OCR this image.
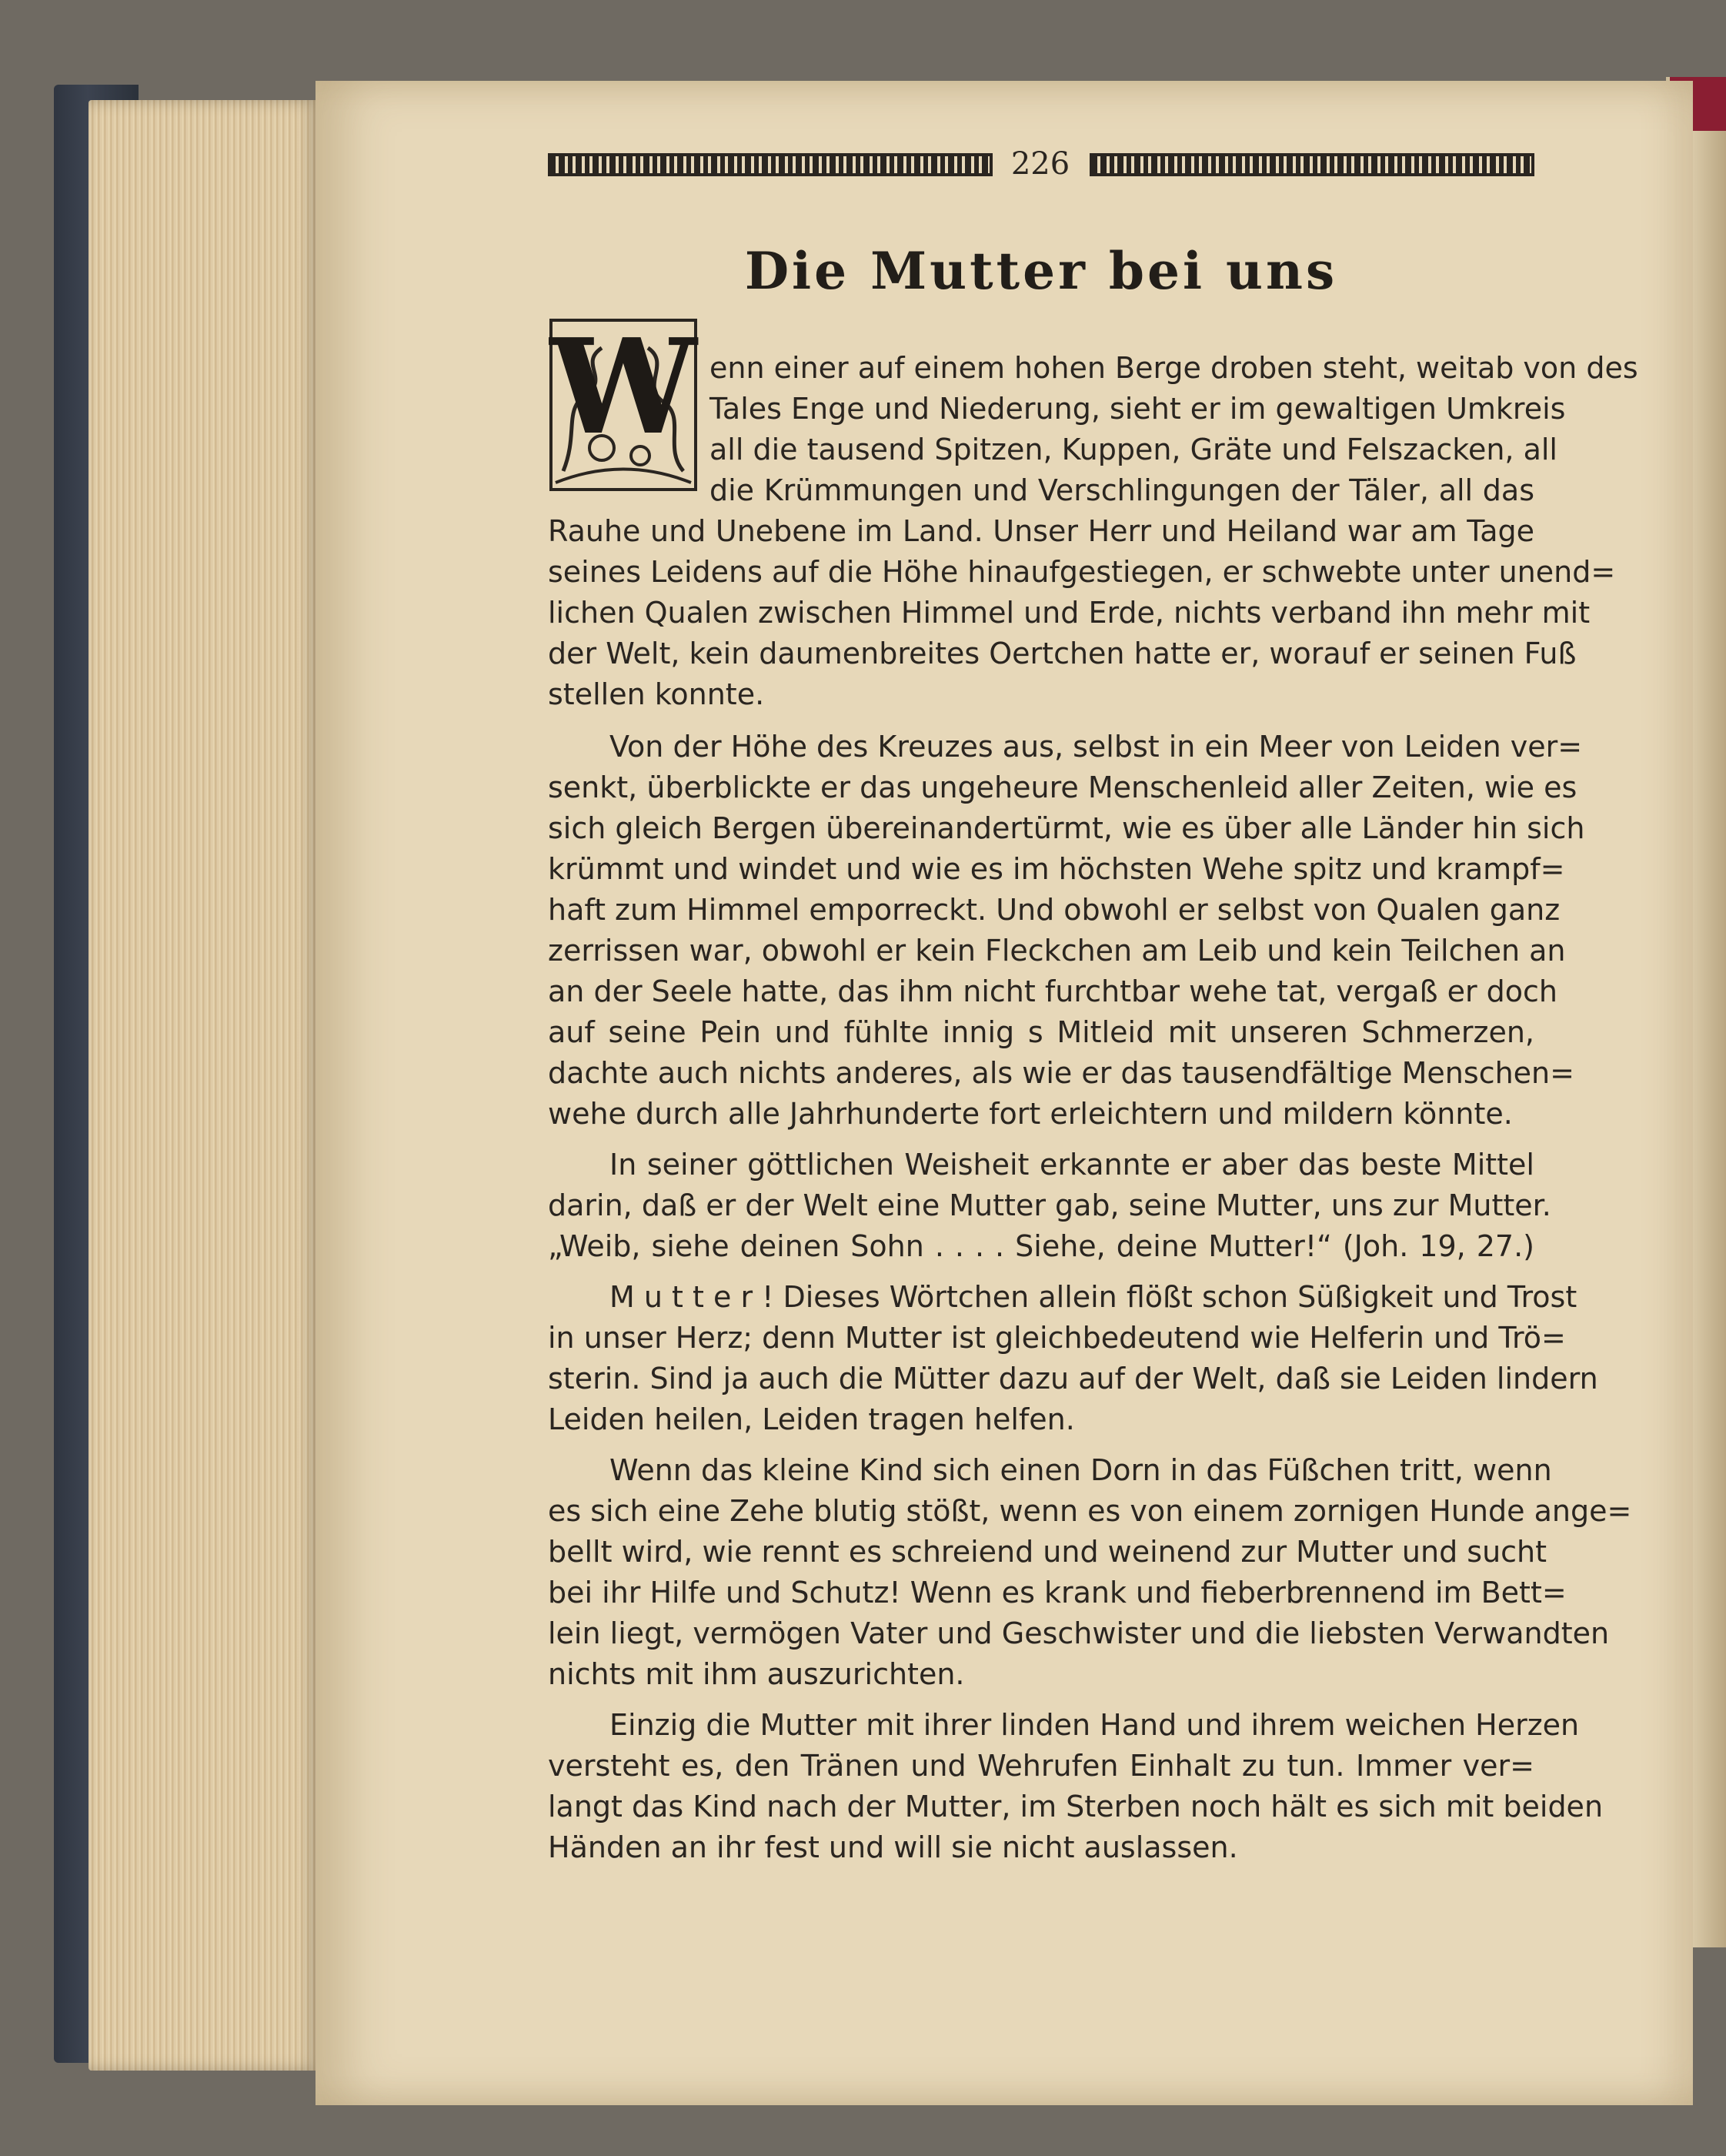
226
Die Mutter bei uns
W enn einer auf einem hohen Berge droben steht, weitab von des
Tales Enge und Niederung, sieht er im gewaltigen Umkreis
all die tausend Spitzen, Kuppen, Gräte und Felszacken, all
die Krümmungen und Verschlingungen der Täler, all das
Rauhe und Unebene im Land. Unser Herr und Heiland war am Tage
seines Leidens auf die Höhe hinaufgestiegen, er schwebte unter unend=
lichen Qualen zwischen Himmel und Erde, nichts verband ihn mehr mit
der Welt, kein daumenbreites Oertchen hatte er, worauf er seinen Fuß
stellen konnte.
Von der Höhe des Kreuzes aus, selbst in ein Meer von Leiden ver=
senkt, überblickte er das ungeheure Menschenleid aller Zeiten, wie es
sich gleich Bergen übereinandertürmt, wie es über alle Länder hin sich
krümmt und windet und wie es im höchsten Wehe spitz und krampf=
haft zum Himmel emporreckt. Und obwohl er selbst von Qualen ganz
zerrissen war, obwohl er kein Fleckchen am Leib und kein Teilchen an
an der Seele hatte, das ihm nicht furchtbar wehe tat, vergaß er doch
auf seine Pein und fühlte innig s Mitleid mit unseren Schmerzen,
dachte auch nichts anderes, als wie er das tausendfältige Menschen=
wehe durch alle Jahrhunderte fort erleichtern und mildern könnte.
In seiner göttlichen Weisheit erkannte er aber das beste Mittel
darin, daß er der Welt eine Mutter gab, seine Mutter, uns zur Mutter.
„Weib, siehe deinen Sohn . . . . Siehe, deine Mutter!“ (Joh. 19, 27.)
M u t t e r ! Dieses Wörtchen allein flößt schon Süßigkeit und Trost
in unser Herz; denn Mutter ist gleichbedeutend wie Helferin und Trö=
sterin. Sind ja auch die Mütter dazu auf der Welt, daß sie Leiden lindern
Leiden heilen, Leiden tragen helfen.
Wenn das kleine Kind sich einen Dorn in das Füßchen tritt, wenn
es sich eine Zehe blutig stößt, wenn es von einem zornigen Hunde ange=
bellt wird, wie rennt es schreiend und weinend zur Mutter und sucht
bei ihr Hilfe und Schutz! Wenn es krank und fieberbrennend im Bett=
lein liegt, vermögen Vater und Geschwister und die liebsten Verwandten
nichts mit ihm auszurichten.
Einzig die Mutter mit ihrer linden Hand und ihrem weichen Herzen
versteht es, den Tränen und Wehrufen Einhalt zu tun. Immer ver=
langt das Kind nach der Mutter, im Sterben noch hält es sich mit beiden
Händen an ihr fest und will sie nicht auslassen.
